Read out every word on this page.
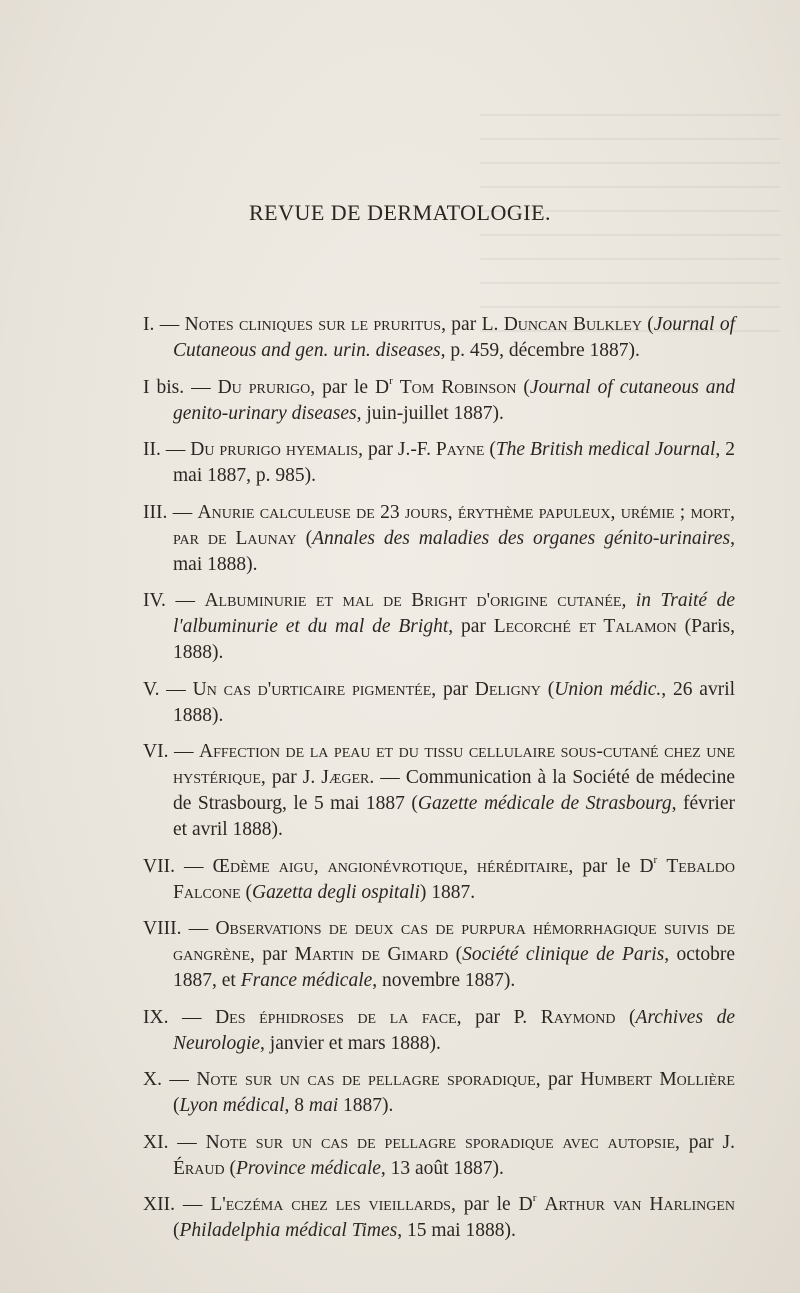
REVUE DE DERMATOLOGIE.
I. — Notes cliniques sur le pruritus, par L. Duncan Bulkley (Journal of Cutaneous and gen. urin. diseases, p. 459, décembre 1887).
I bis. — Du prurigo, par le $D^r$ Tom Robinson (Journal of cutaneous and genito-urinary diseases, juin-juillet 1887).
II. — Du prurigo hyemalis, par J.-F. Payne (The British medical Journal, 2 mai 1887, p. 985).
III. — Anurie calculeuse de 23 jours, érythème papuleux, urémie ; mort, par de Launay (Annales des maladies des organes génito-urinaires, mai 1888).
IV. — Albuminurie et mal de Bright d'origine cutanée, in Traité de l'albuminurie et du mal de Bright, par Lecorché et Talamon (Paris, 1888).
V. — Un cas d'urticaire pigmentée, par Deligny (Union médic., 26 avril 1888).
VI. — Affection de la peau et du tissu cellulaire sous-cutané chez une hystérique, par J. Jæger. — Communication à la Société de médecine de Strasbourg, le 5 mai 1887 (Gazette médicale de Strasbourg, février et avril 1888).
VII. — Œdème aigu, angionévrotique, héréditaire, par le $D^r$ Tebaldo Falcone (Gazetta degli ospitali) 1887.
VIII. — Observations de deux cas de purpura hémorrhagique suivis de gangrène, par Martin de Gimard (Société clinique de Paris, octobre 1887, et France médicale, novembre 1887).
IX. — Des éphidroses de la face, par P. Raymond (Archives de Neurologie, janvier et mars 1888).
X. — Note sur un cas de pellagre sporadique, par Humbert Mollière (Lyon médical, 8 mai 1887).
XI. — Note sur un cas de pellagre sporadique avec autopsie, par J. Éraud (Province médicale, 13 août 1887).
XII. — L'eczéma chez les vieillards, par le $D^r$ Arthur van Harlingen (Philadelphia médical Times, 15 mai 1888).
